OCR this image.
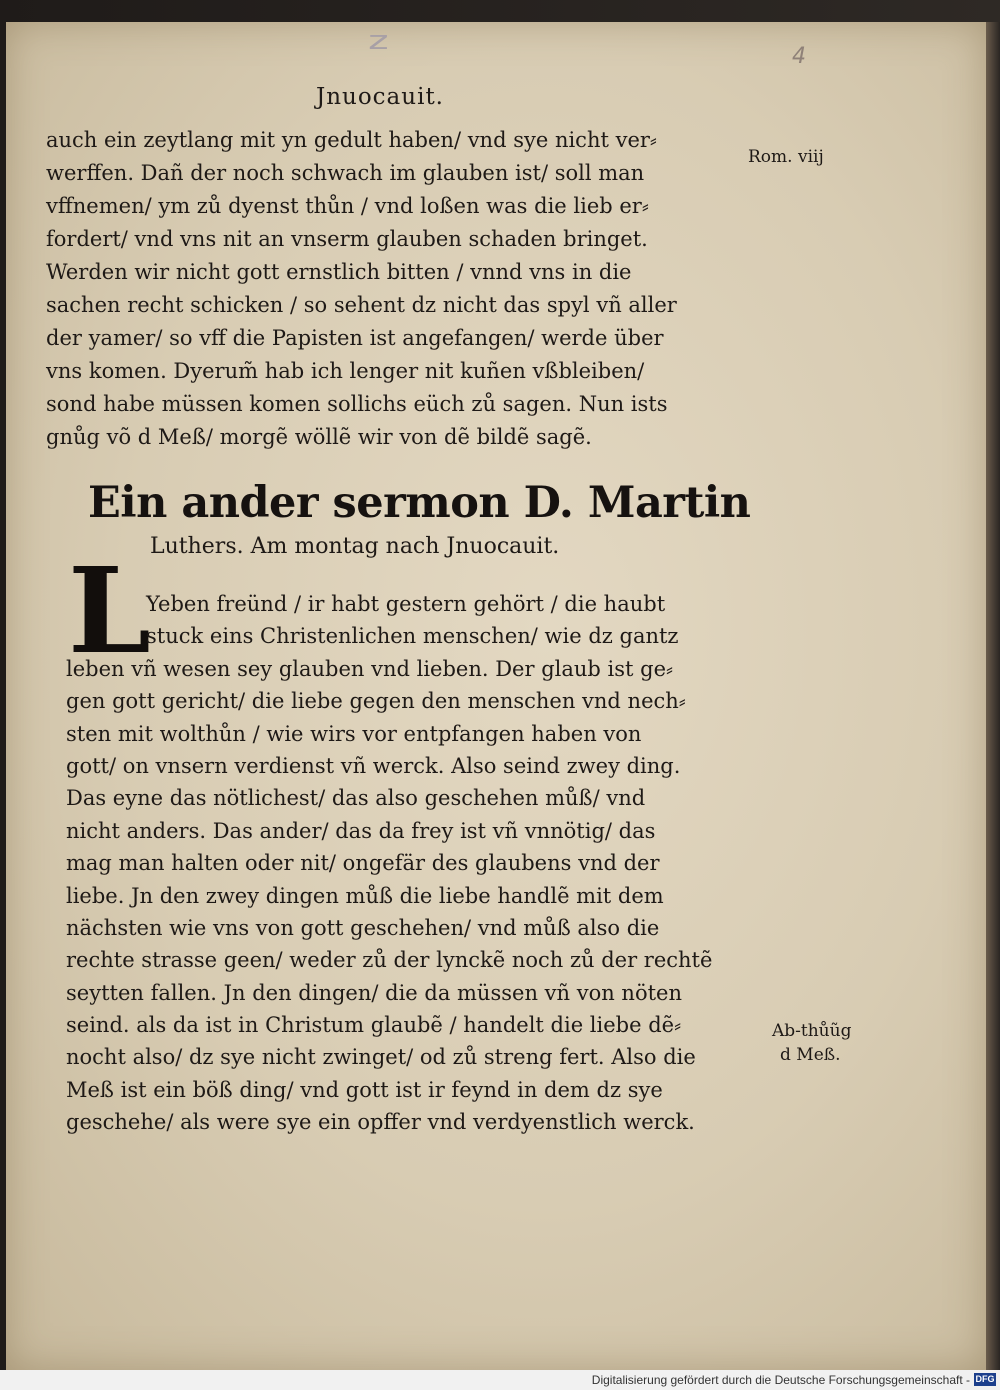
z
4
Jnuocauit.
auch ein zeytlang mit yn gedult haben/ vnd sye nicht ver⸗
werffen. Dañ der noch schwach im glauben ist/ soll man
vffnemen/ ym zů dyenst thůn / vnd loßen was die lieb er⸗
fordert/ vnd vns nit an vnserm glauben schaden bringet.
Werden wir nicht gott ernstlich bitten / vnnd vns in die
sachen recht schicken / so sehent dz nicht das spyl vñ aller
der yamer/ so vff die Papisten ist angefangen/ werde über
vns komen. Dyerum̃ hab ich lenger nit kuñen vßbleiben/
sond habe müssen komen sollichs eüch zů sagen. Nun ists
gnůg võ d Meß/ morgẽ wöllẽ wir von dẽ bildẽ sagẽ.
Rom. viij
Ein ander sermon D. Martin
Luthers. Am montag nach Jnuocauit.
L
Yeben freünd / ir habt gestern gehört / die haubt
stuck eins Christenlichen menschen/ wie dz gantz
leben vñ wesen sey glauben vnd lieben. Der glaub ist ge⸗
gen gott gericht/ die liebe gegen den menschen vnd nech⸗
sten mit wolthůn / wie wirs vor entpfangen haben von
gott/ on vnsern verdienst vñ werck. Also seind zwey ding.
Das eyne das nötlichest/ das also geschehen můß/ vnd
nicht anders. Das ander/ das da frey ist vñ vnnötig/ das
mag man halten oder nit/ ongefär des glaubens vnd der
liebe. Jn den zwey dingen můß die liebe handlẽ mit dem
nächsten wie vns von gott geschehen/ vnd můß also die
rechte strasse geen/ weder zů der lynckẽ noch zů der rechtẽ
seytten fallen. Jn den dingen/ die da müssen vñ von nöten
seind. als da ist in Christum glaubẽ / handelt die liebe dẽ⸗
nocht also/ dz sye nicht zwinget/ od zů streng fert. Also die
Meß ist ein böß ding/ vnd gott ist ir feynd in dem dz sye
geschehe/ als were sye ein opffer vnd verdyenstlich werck.
Ab-thůũg
d Meß.
Digitalisierung gefördert durch die Deutsche Forschungsgemeinschaft - DFG
